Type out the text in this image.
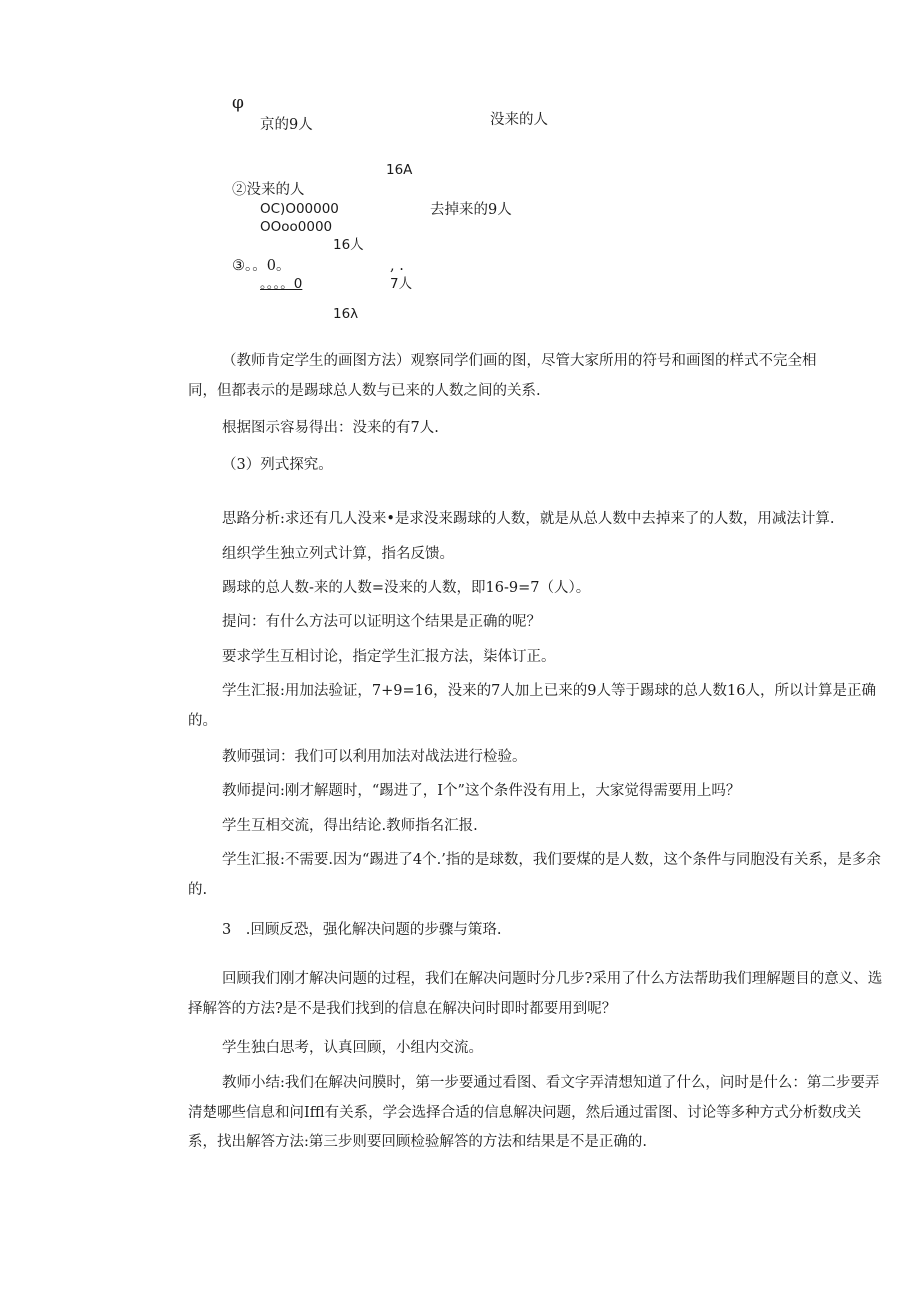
φ
京的9人	没来的人
16A
②没来的人
OC)O00000
OOoo0000
去掉来的9人
16人
③。。0。	, .
。。。。0	7人
16λ
（教师肯定学生的画图方法）观察同学们画的图，尽管大家所用的符号和画图的样式不完全相同，但都表示的是踢球总人数与已来的人数之间的关系.
根据图示容易得出：没来的有7人.
（3）列式探究。
思路分析:求还有几人没来•是求没来踢球的人数，就是从总人数中去掉来了的人数，用减法计算.
组织学生独立列式计算，指名反馈。
踢球的总人数-来的人数=没来的人数，即16-9=7（人）。
提问：有什么方法可以证明这个结果是正确的呢？
要求学生互相讨论，指定学生汇报方法，柒体订正。
学生汇报:用加法验证，7+9=16，没来的7人加上已来的9人等于踢球的总人数16人，所以计算是正确的。
教师强词：我们可以利用加法对战法进行检验。
教师提问:刚才解题时，“踢进了，I个”这个条件没有用上，大家觉得需要用上吗？
学生互相交流，得出结论.教师指名汇报.
学生汇报:不需要.因为“踢进了4个.’指的是球数，我们要煤的是人数，这个条件与同胞没有关系，是多余的.
3　.回顾反恐，强化解决问题的步骤与策珞.
回顾我们刚才解决问题的过程，我们在解决问题时分几步?采用了什么方法帮助我们理解题目的意义、选择解答的方法?是不是我们找到的信息在解决问时即时都要用到呢？
学生独白思考，认真回顾，小组内交流。
教师小结:我们在解决问膜时，第一步要通过看图、看文字弄清想知道了什么，问时是什么：第二步要弄清楚哪些信息和问Iffl有关系，学会选择合适的信息解决问题，然后通过雷图、讨论等多种方式分析数戌关系，找出解答方法:第三步则要回顾检验解答的方法和结果是不是正确的.
